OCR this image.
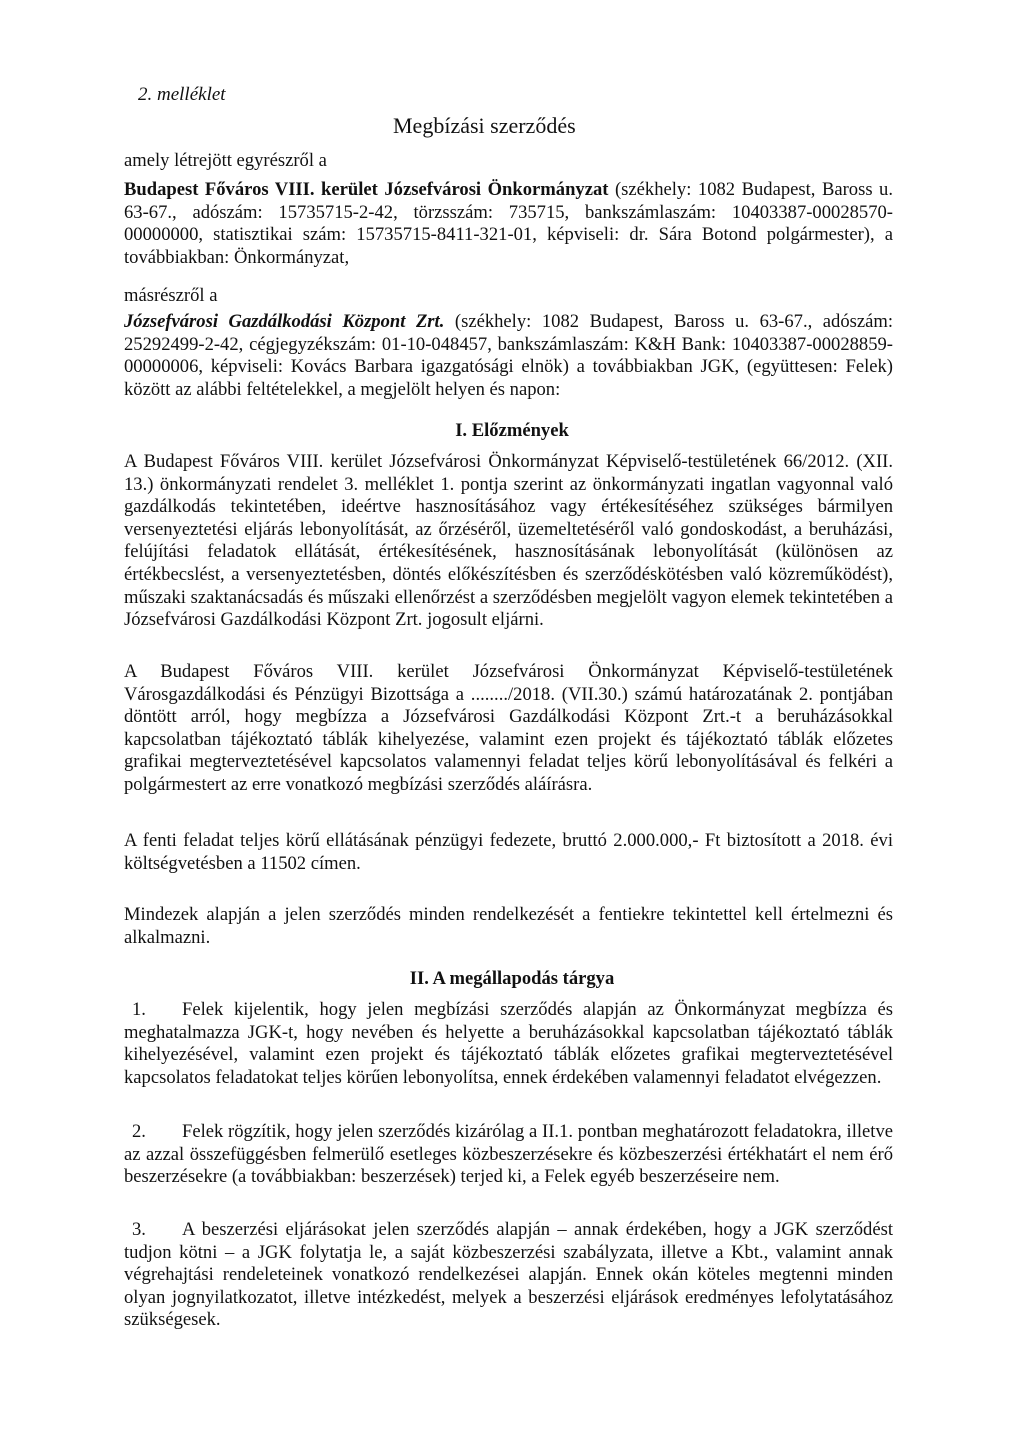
2. melléklet
Megbízási szerződés
amely létrejött egyrészről a
Budapest Főváros VIII. kerület Józsefvárosi Önkormányzat (székhely: 1082 Budapest, Baross u. 63-67., adószám: 15735715-2-42, törzsszám: 735715, bankszámlaszám: 10403387-00028570-00000000, statisztikai szám: 15735715-8411-321-01, képviseli: dr. Sára Botond polgármester), a továbbiakban: Önkormányzat,
másrészről a
Józsefvárosi Gazdálkodási Központ Zrt. (székhely: 1082 Budapest, Baross u. 63-67., adószám: 25292499-2-42, cégjegyzékszám: 01-10-048457, bankszámlaszám: K&H Bank: 10403387-00028859-00000006, képviseli: Kovács Barbara igazgatósági elnök) a továbbiakban JGK, (együttesen: Felek) között az alábbi feltételekkel, a megjelölt helyen és napon:
I. Előzmények
A Budapest Főváros VIII. kerület Józsefvárosi Önkormányzat Képviselő-testületének 66/2012. (XII. 13.) önkormányzati rendelet 3. melléklet 1. pontja szerint az önkormányzati ingatlan vagyonnal való gazdálkodás tekintetében, ideértve hasznosításához vagy értékesítéséhez szükséges bármilyen versenyeztetési eljárás lebonyolítását, az őrzéséről, üzemeltetéséről való gondoskodást, a beruházási, felújítási feladatok ellátását, értékesítésének, hasznosításának lebonyolítását (különösen az értékbecslést, a versenyeztetésben, döntés előkészítésben és szerződéskötésben való közreműködést), műszaki szaktanácsadás és műszaki ellenőrzést a szerződésben megjelölt vagyon elemek tekintetében a Józsefvárosi Gazdálkodási Központ Zrt. jogosult eljárni.
A Budapest Főváros VIII. kerület Józsefvárosi Önkormányzat Képviselő-testületének Városgazdálkodási és Pénzügyi Bizottsága a ......../2018. (VII.30.) számú határozatának 2. pontjában döntött arról, hogy megbízza a Józsefvárosi Gazdálkodási Központ Zrt.-t a beruházásokkal kapcsolatban tájékoztató táblák kihelyezése, valamint ezen projekt és tájékoztató táblák előzetes grafikai megterveztetésével kapcsolatos valamennyi feladat teljes körű lebonyolításával és felkéri a polgármestert az erre vonatkozó megbízási szerződés aláírásra.
A fenti feladat teljes körű ellátásának pénzügyi fedezete, bruttó 2.000.000,- Ft biztosított a 2018. évi költségvetésben a 11502 címen.
Mindezek alapján a jelen szerződés minden rendelkezését a fentiekre tekintettel kell értelmezni és alkalmazni.
II. A megállapodás tárgya
1. Felek kijelentik, hogy jelen megbízási szerződés alapján az Önkormányzat megbízza és meghatalmazza JGK-t, hogy nevében és helyette a beruházásokkal kapcsolatban tájékoztató táblák kihelyezésével, valamint ezen projekt és tájékoztató táblák előzetes grafikai megterveztetésével kapcsolatos feladatokat teljes körűen lebonyolítsa, ennek érdekében valamennyi feladatot elvégezzen.
2. Felek rögzítik, hogy jelen szerződés kizárólag a II.1. pontban meghatározott feladatokra, illetve az azzal összefüggésben felmerülő esetleges közbeszerzésekre és közbeszerzési értékhatárt el nem érő beszerzésekre (a továbbiakban: beszerzések) terjed ki, a Felek egyéb beszerzéseire nem.
3. A beszerzési eljárásokat jelen szerződés alapján – annak érdekében, hogy a JGK szerződést tudjon kötni – a JGK folytatja le, a saját közbeszerzési szabályzata, illetve a Kbt., valamint annak végrehajtási rendeleteinek vonatkozó rendelkezései alapján. Ennek okán köteles megtenni minden olyan jognyilatkozatot, illetve intézkedést, melyek a beszerzési eljárások eredményes lefolytatásához szükségesek.
